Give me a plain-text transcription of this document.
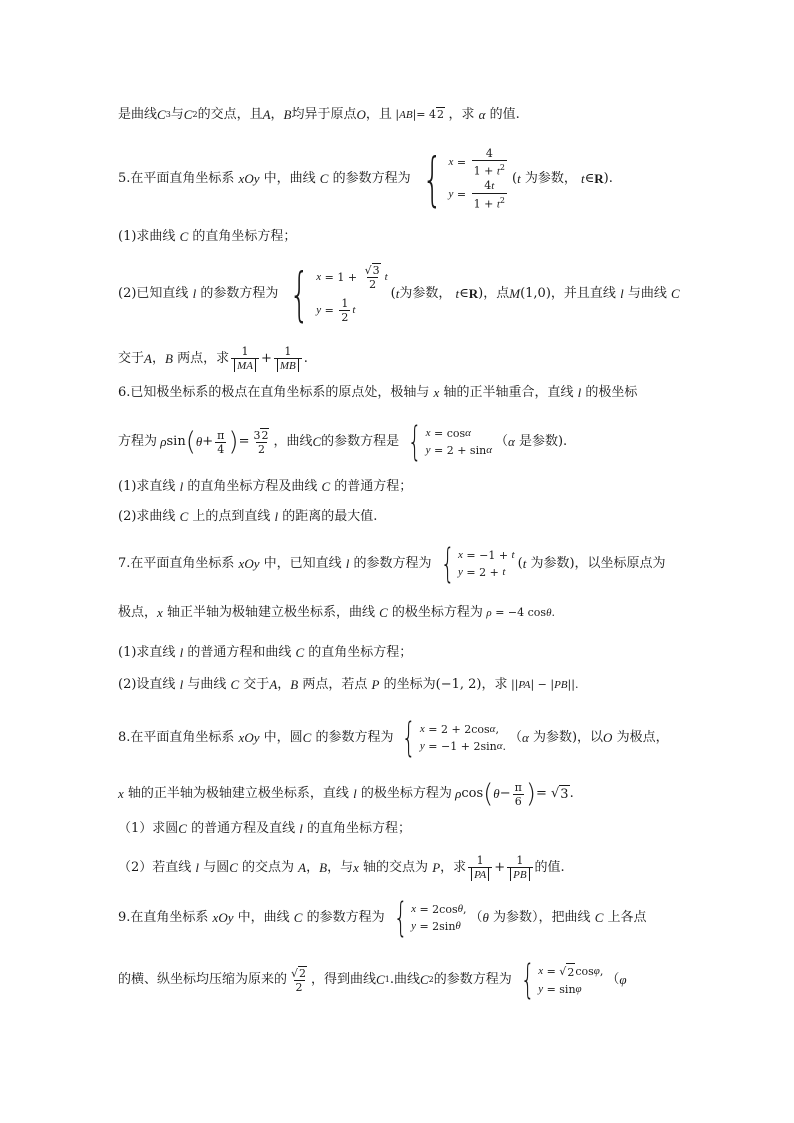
是曲线 C 3 与 C 2 的交点，且 A ， B 均异于原点 O ，且 |AB|= 42 ，求
α
的值.
5.在平面直角坐标系
xOy
中，曲线
C
的参数方程为 { $x = \frac{4}{1 + t^2}$
$y = \frac{4t}{1 + t^2}$ ( t
为参数，
t ∈ R ).
(1)求曲线
C
的直角坐标方程；
(2)已知直线
l
的参数方程为 { $x = 1 + \frac{√3}{2}$ t
$y = \frac{1}{2}$ t
( t 为参数，
t ∈ R ) ，点 M (1,0) ，并且直线
l
与曲线
C
交于 A ， B
两点，求 $\frac{1}{MA} + \frac{1}{MB}$ .
6.已知极坐标系的极点在直角坐标系的原点处，极轴与
x
轴的正半轴重合，直线
l
的极坐标
方程为 ρ sin ( $\theta + \frac{\pi}{4}$ ) = $\frac{32}{2}$ ，曲线 C 的参数方程是 { x = cos α
y = 2 + sin α
（ α
是参数).
(1)求直线
l
的直角坐标方程及曲线
C
的普通方程；
(2)求曲线
C
上的点到直线
l
的距离的最大值.
7.在平面直角坐标系
xOy
中，已知直线
l
的参数方程为 { x = −1 + t
y = 2 + t
( t
为参数)，以坐标原点为
极点， x
轴正半轴为极轴建立极坐标系，曲线
C
的极坐标方程为 ρ = −4 cosθ.
(1)求直线
l
的普通方程和曲线
C
的直角坐标方程；
(2)设直线
l
与曲线
C
交于 A ， B
两点，若点
P
的坐标为 (−1, 2) ，求 ||PA| − |PB||.
8.在平面直角坐标系
xOy
中，圆 C
的参数方程为 { x = 2 + 2cos α ,
y = −1 + 2sin α .
（ α
为参数)，以 O
为极点，
x
轴的正半轴为极轴建立极坐标系，直线
l
的极坐标方程为 ρ cos ( $\theta - \frac{\pi}{6}$ ) = √ 3 .
（1）求圆 C
的普通方程及直线
l
的直角坐标方程；
（2）若直线
l
与圆 C
的交点为
A ， B ，与 x
轴的交点为
P ，求 $\frac{1}{PA} + \frac{1}{PB}$ 的值.
9.在直角坐标系
xOy
中，曲线
C
的参数方程为 { x = 2cos θ ,
y = 2sin θ
（ θ
为参数），把曲线
C
上各点
的横、纵坐标均压缩为原来的 $\frac{√2}{2}$ ，得到曲线 C 1 .曲线 C 2 的参数方程为 { x = √ 2 cos φ ,
y = sin φ
（ φ
